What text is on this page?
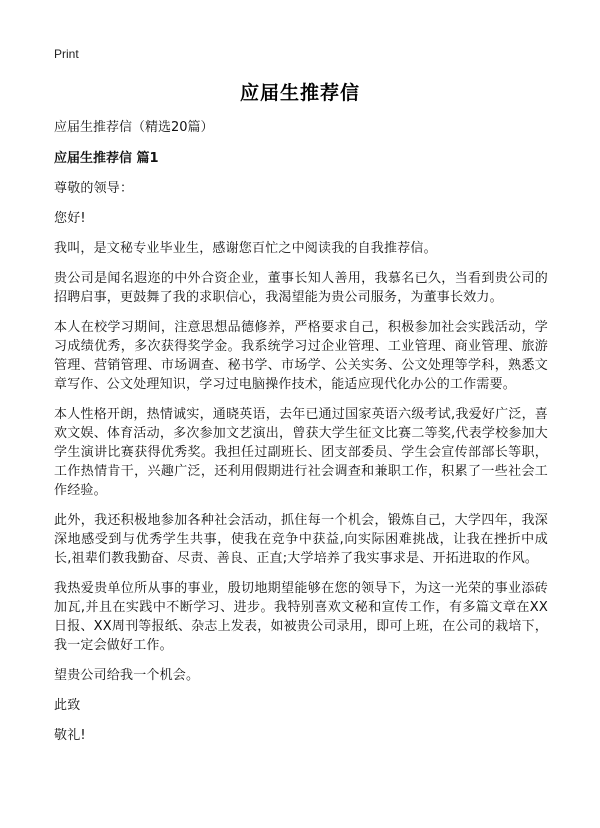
Print
应届生推荐信
应届生推荐信（精选20篇）
应届生推荐信 篇1
尊敬的领导：
您好!
我叫，是文秘专业毕业生，感谢您百忙之中阅读我的自我推荐信。
贵公司是闻名遐迩的中外合资企业，董事长知人善用，我慕名已久，当看到贵公司的招聘启事，更鼓舞了我的求职信心，我渴望能为贵公司服务，为董事长效力。
本人在校学习期间，注意思想品德修养，严格要求自己，积极参加社会实践活动，学习成绩优秀，多次获得奖学金。我系统学习过企业管理、工业管理、商业管理、旅游管理、营销管理、市场调查、秘书学、市场学、公关实务、公文处理等学科，熟悉文章写作、公文处理知识，学习过电脑操作技术，能适应现代化办公的工作需要。
本人性格开朗，热情诚实，通晓英语，去年已通过国家英语六级考试,我爱好广泛，喜欢文娱、体育活动，多次参加文艺演出，曾获大学生征文比赛二等奖,代表学校参加大学生演讲比赛获得优秀奖。我担任过副班长、团支部委员、学生会宣传部部长等职，工作热情肯干，兴趣广泛，还利用假期进行社会调查和兼职工作，积累了一些社会工作经验。
此外，我还积极地参加各种社会活动，抓住每一个机会，锻炼自己，大学四年，我深深地感受到与优秀学生共事，使我在竞争中获益,向实际困难挑战，让我在挫折中成长,祖辈们教我勤奋、尽责、善良、正直;大学培养了我实事求是、开拓进取的作风。
我热爱贵单位所从事的事业，殷切地期望能够在您的领导下，为这一光荣的事业添砖加瓦,并且在实践中不断学习、进步。我特别喜欢文秘和宣传工作，有多篇文章在XX日报、XX周刊等报纸、杂志上发表，如被贵公司录用，即可上班，在公司的栽培下，我一定会做好工作。
望贵公司给我一个机会。
此致
敬礼!
